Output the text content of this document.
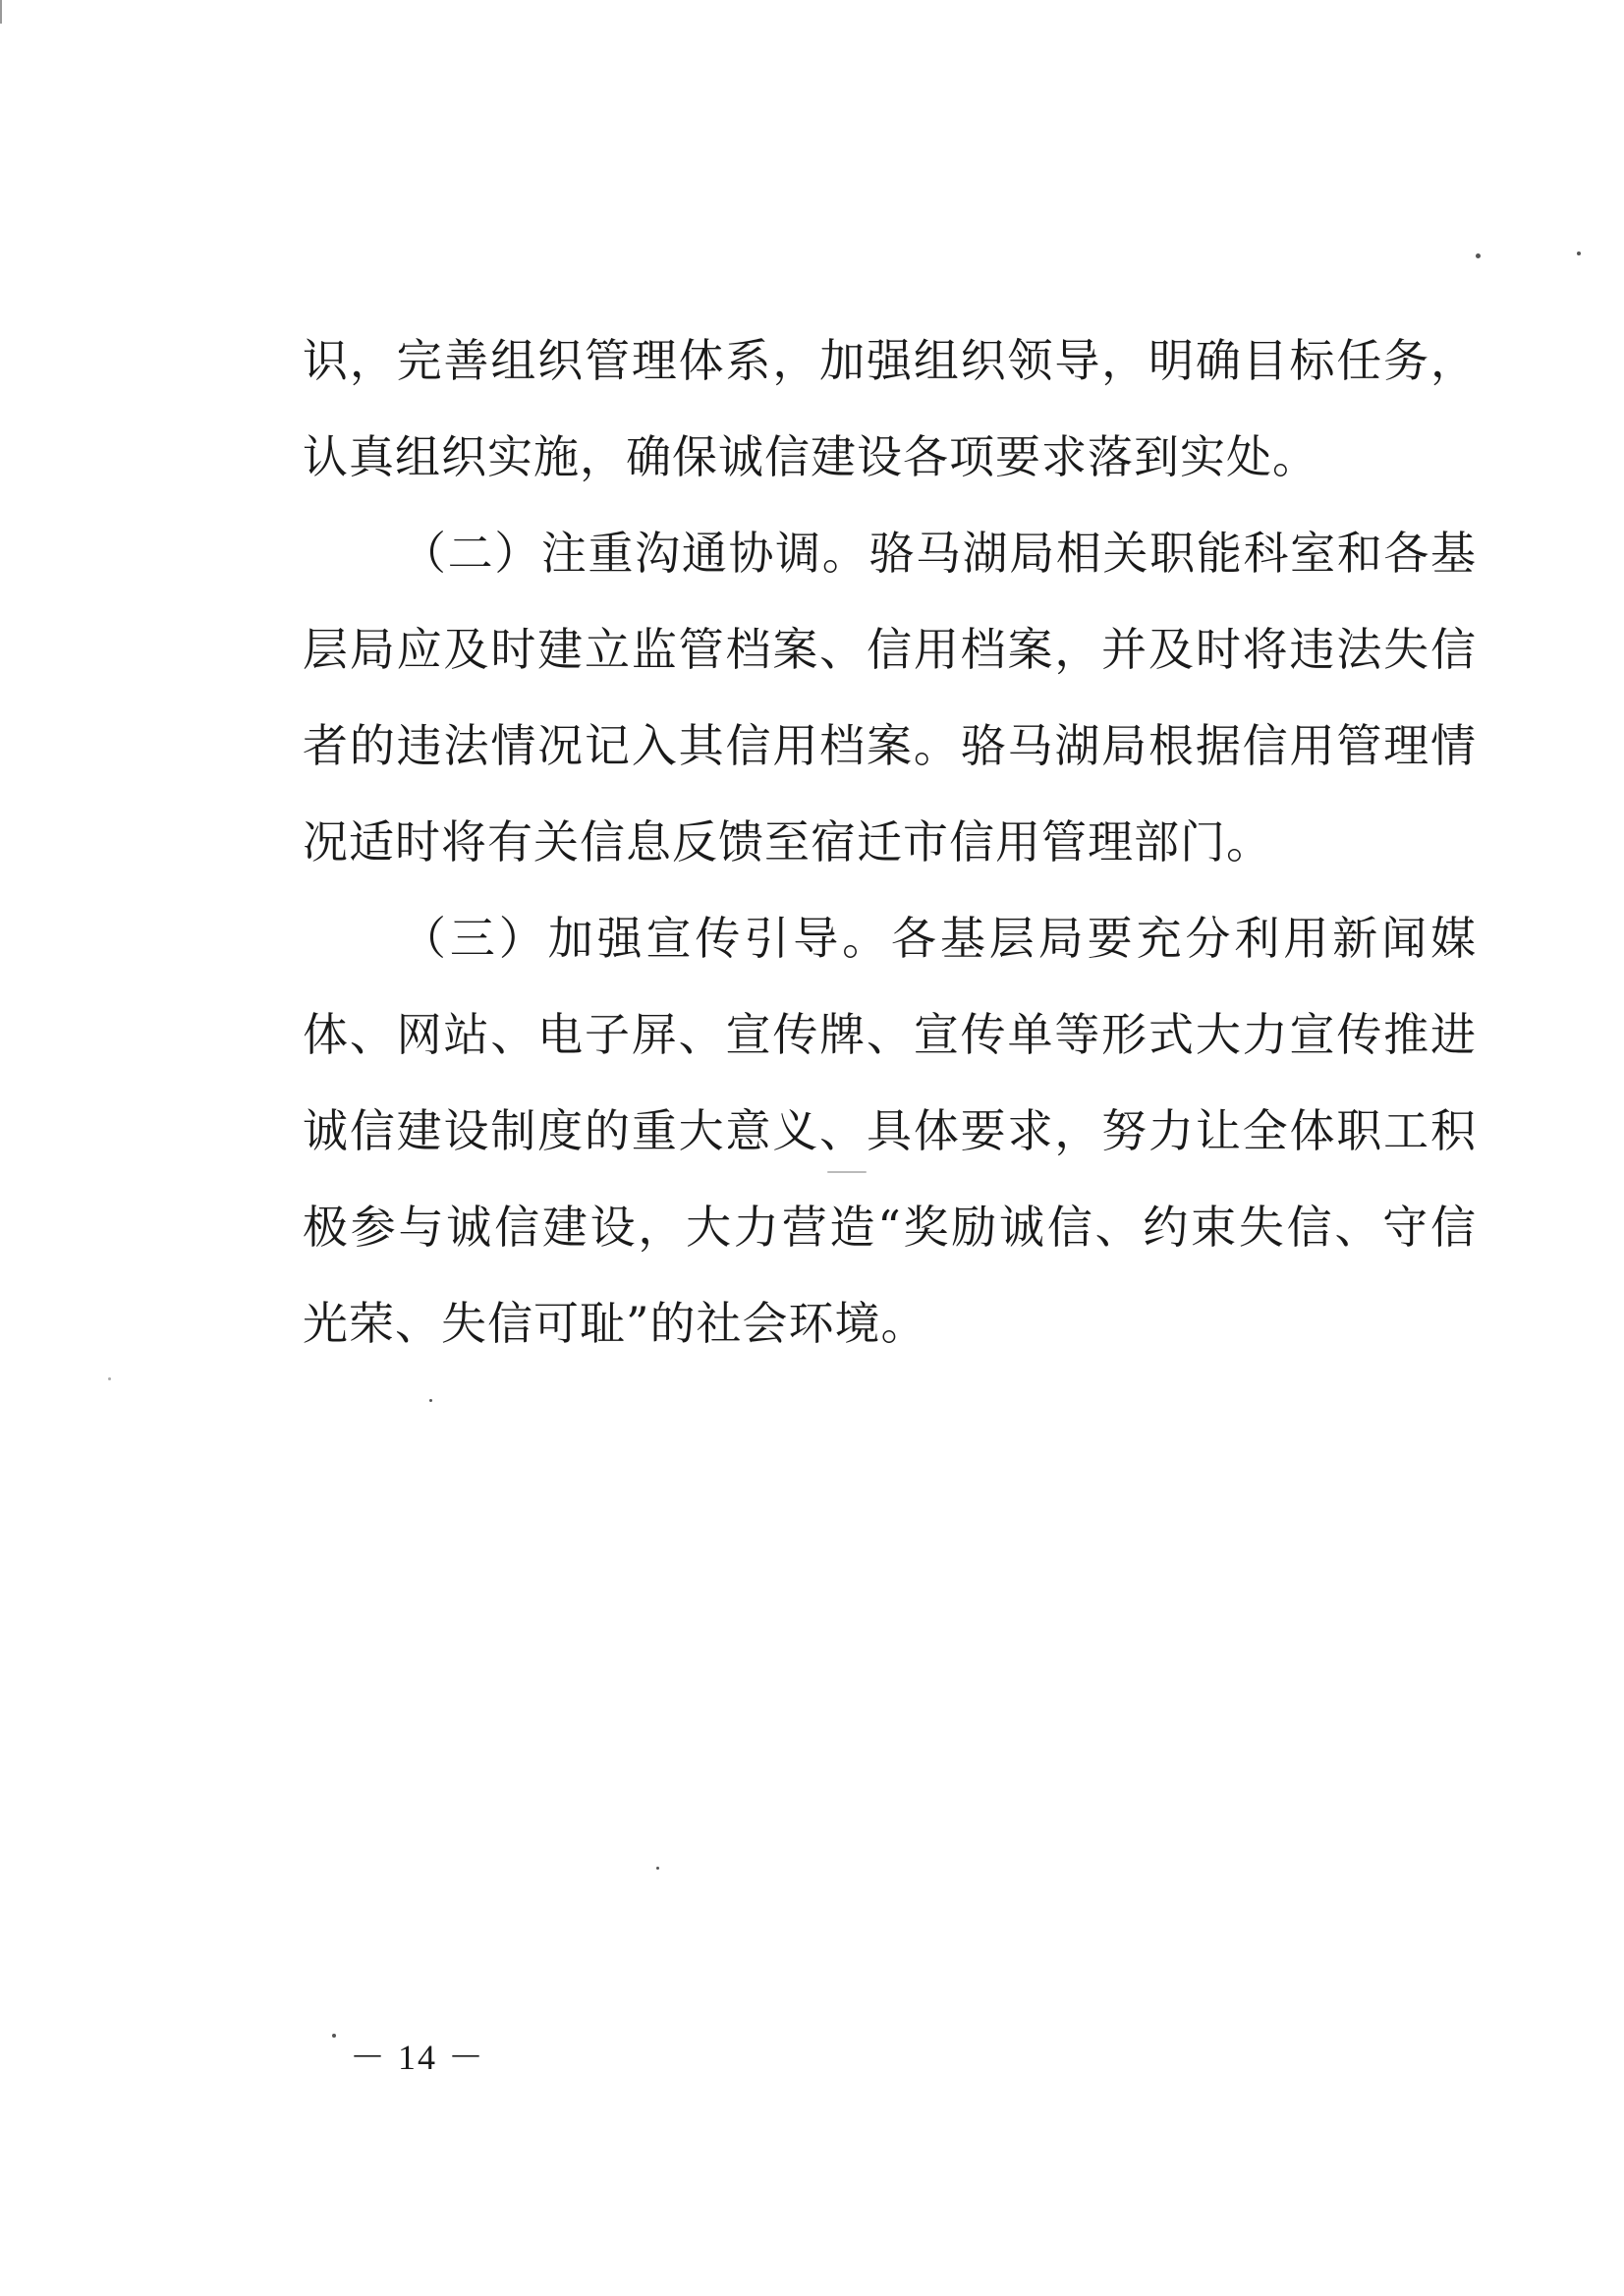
识，完善组织管理体系，加强组织领导，明确目标任务，认真组织实施，确保诚信建设各项要求落到实处。

（二）注重沟通协调。骆马湖局相关职能科室和各基层局应及时建立监管档案、信用档案，并及时将违法失信者的违法情况记入其信用档案。骆马湖局根据信用管理情况适时将有关信息反馈至宿迁市信用管理部门。

（三）加强宣传引导。各基层局要充分利用新闻媒体、网站、电子屏、宣传牌、宣传单等形式大力宣传推进诚信建设制度的重大意义、具体要求，努力让全体职工积极参与诚信建设，大力营造“奖励诚信、约束失信、守信光荣、失信可耻”的社会环境。

－ 14 －
